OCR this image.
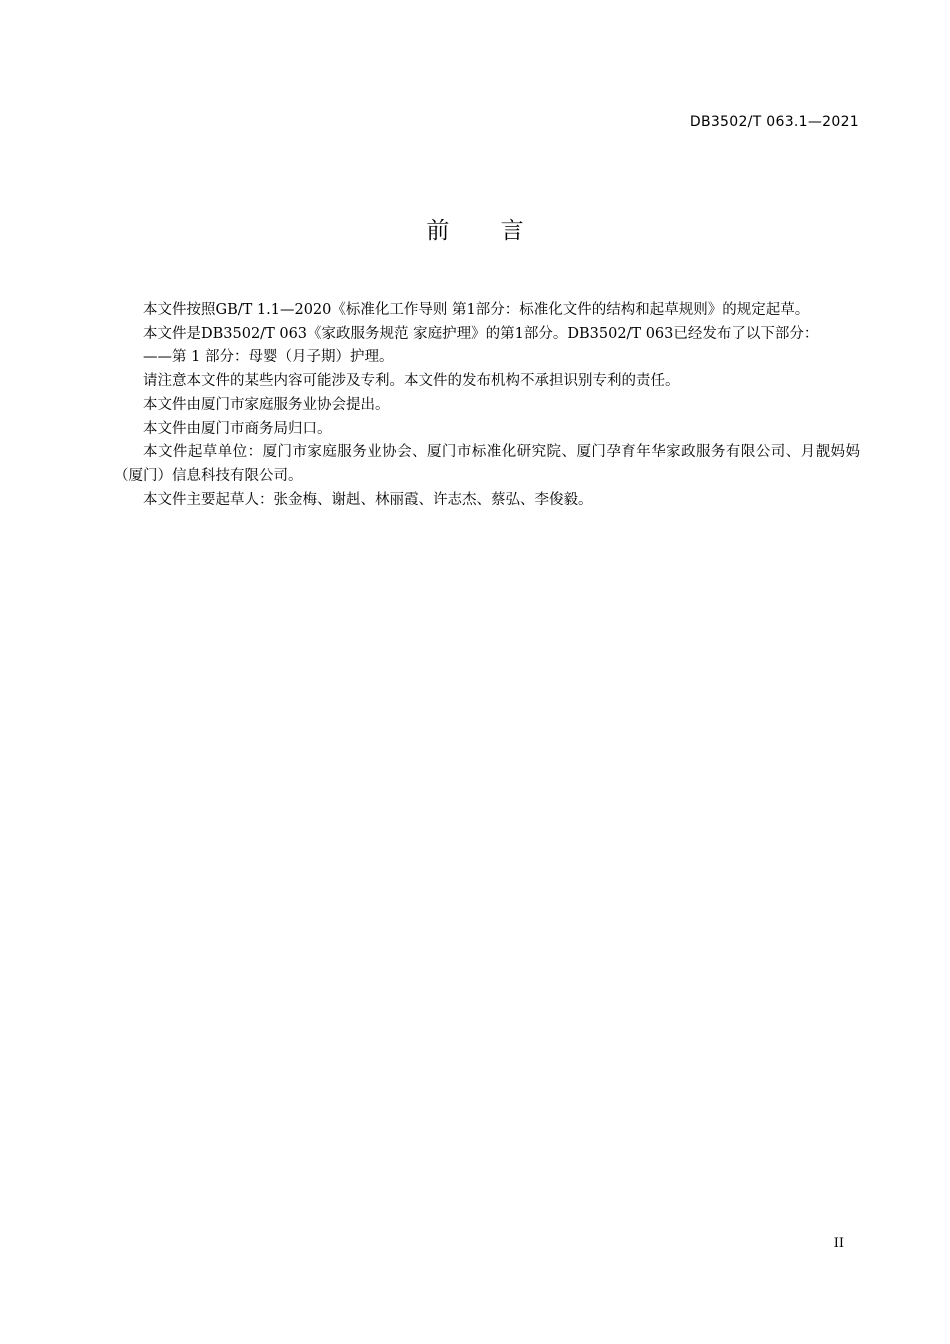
DB3502/T 063.1—2021
前 言

本文件按照GB/T 1.1—2020《标准化工作导则 第1部分：标准化文件的结构和起草规则》的规定起草。

本文件是DB3502/T 063《家政服务规范 家庭护理》的第1部分。DB3502/T 063已经发布了以下部分：

——第 1 部分：母婴（月子期）护理。

请注意本文件的某些内容可能涉及专利。本文件的发布机构不承担识别专利的责任。

本文件由厦门市家庭服务业协会提出。

本文件由厦门市商务局归口。

本文件起草单位：厦门市家庭服务业协会、厦门市标准化研究院、厦门孕育年华家政服务有限公司、月靓妈妈（厦门）信息科技有限公司。

本文件主要起草人：张金梅、谢赳、林丽霞、许志杰、蔡弘、李俊毅。

II
